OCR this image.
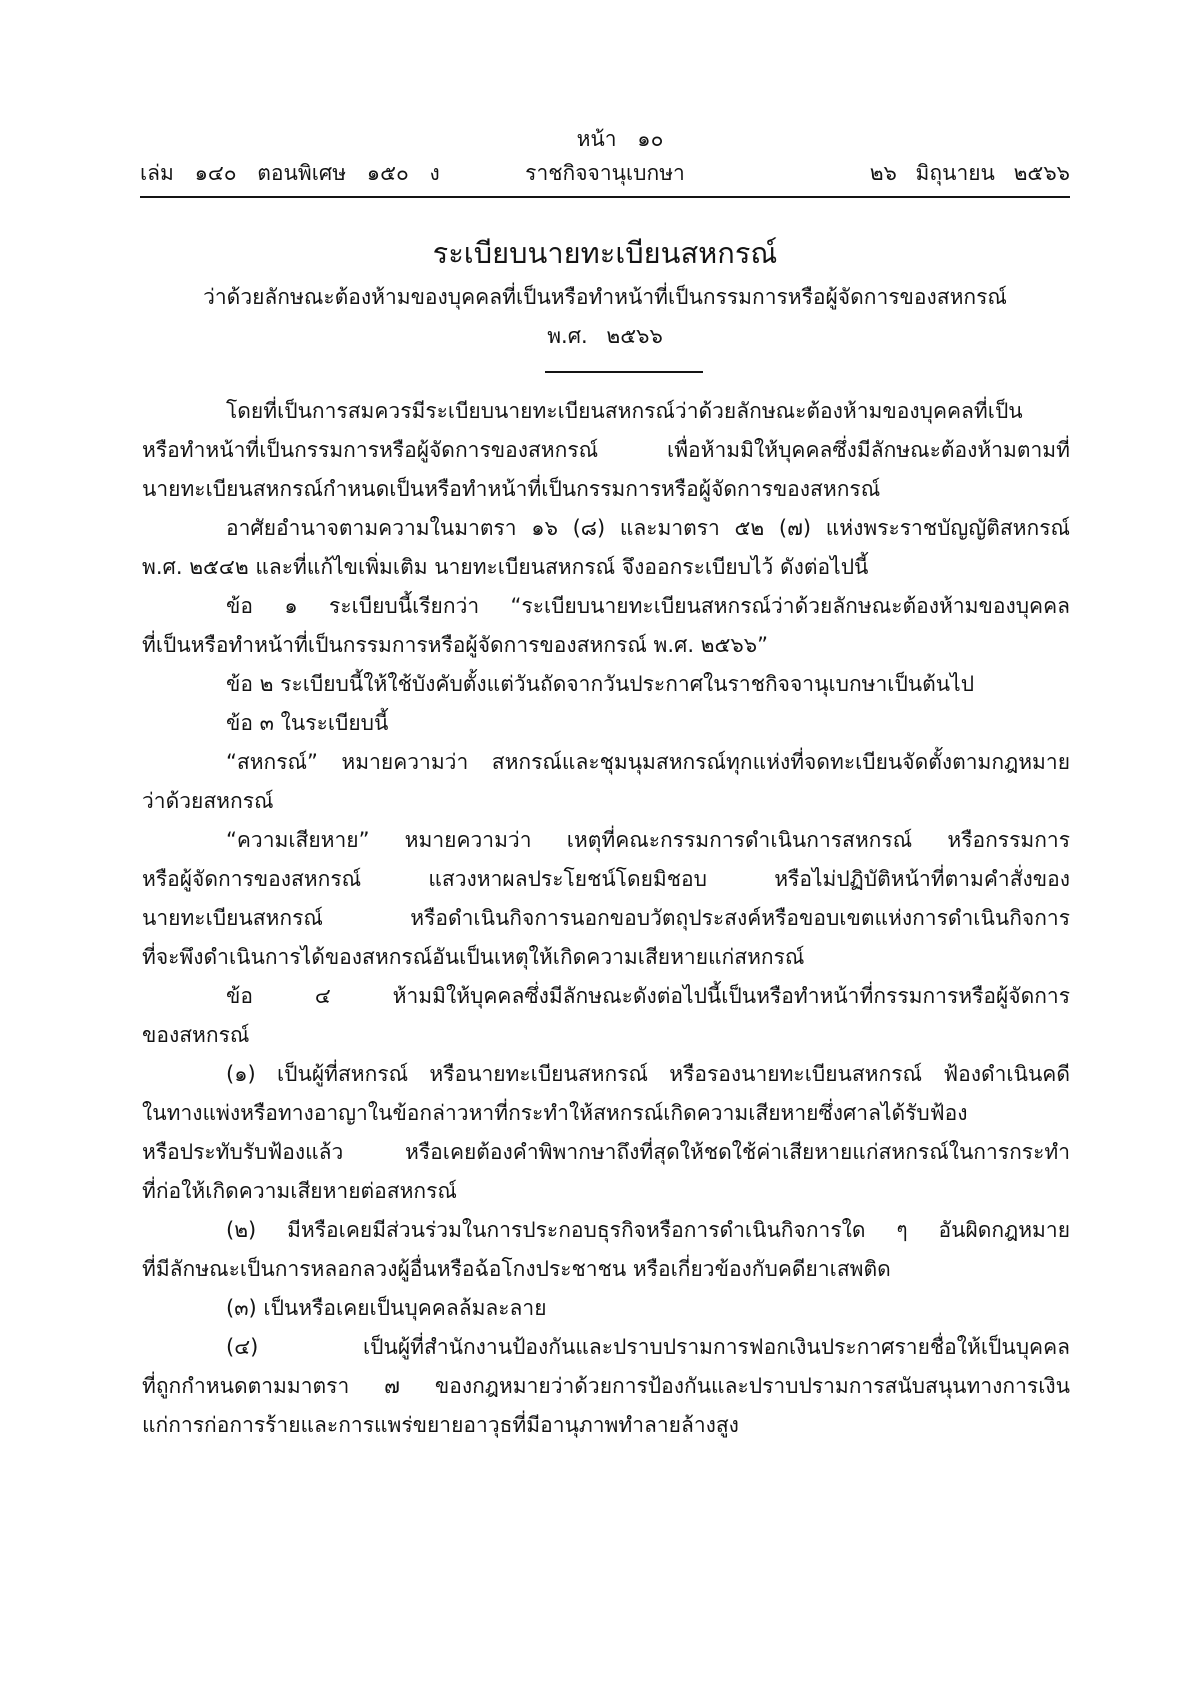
หน้า ๑๐
เล่ม ๑๔๐ ตอนพิเศษ ๑๕๐ ง	ราชกิจจานุเบกษา	๒๖ มิถุนายน ๒๕๖๖
ระเบียบนายทะเบียนสหกรณ์
ว่าด้วยลักษณะต้องห้ามของบุคคลที่เป็นหรือทำหน้าที่เป็นกรรมการหรือผู้จัดการของสหกรณ์
พ.ศ. ๒๕๖๖
โดยที่เป็นการสมควรมีระเบียบนายทะเบียนสหกรณ์ว่าด้วยลักษณะต้องห้ามของบุคคลที่เป็น
หรือทำหน้าที่เป็นกรรมการหรือผู้จัดการของสหกรณ์ เพื่อห้ามมิให้บุคคลซึ่งมีลักษณะต้องห้ามตามที่
นายทะเบียนสหกรณ์กำหนดเป็นหรือทำหน้าที่เป็นกรรมการหรือผู้จัดการของสหกรณ์
อาศัยอำนาจตามความในมาตรา ๑๖ (๘) และมาตรา ๕๒ (๗) แห่งพระราชบัญญัติสหกรณ์
พ.ศ. ๒๕๔๒ และที่แก้ไขเพิ่มเติม นายทะเบียนสหกรณ์ จึงออกระเบียบไว้ ดังต่อไปนี้
ข้อ ๑ ระเบียบนี้เรียกว่า “ระเบียบนายทะเบียนสหกรณ์ว่าด้วยลักษณะต้องห้ามของบุคคล
ที่เป็นหรือทำหน้าที่เป็นกรรมการหรือผู้จัดการของสหกรณ์ พ.ศ. ๒๕๖๖”
ข้อ ๒ ระเบียบนี้ให้ใช้บังคับตั้งแต่วันถัดจากวันประกาศในราชกิจจานุเบกษาเป็นต้นไป
ข้อ ๓ ในระเบียบนี้
“สหกรณ์” หมายความว่า สหกรณ์และชุมนุมสหกรณ์ทุกแห่งที่จดทะเบียนจัดตั้งตามกฎหมาย
ว่าด้วยสหกรณ์
“ความเสียหาย” หมายความว่า เหตุที่คณะกรรมการดำเนินการสหกรณ์ หรือกรรมการ
หรือผู้จัดการของสหกรณ์ แสวงหาผลประโยชน์โดยมิชอบ หรือไม่ปฏิบัติหน้าที่ตามคำสั่งของ
นายทะเบียนสหกรณ์ หรือดำเนินกิจการนอกขอบวัตถุประสงค์หรือขอบเขตแห่งการดำเนินกิจการ
ที่จะพึงดำเนินการได้ของสหกรณ์อันเป็นเหตุให้เกิดความเสียหายแก่สหกรณ์
ข้อ ๔ ห้ามมิให้บุคคลซึ่งมีลักษณะดังต่อไปนี้เป็นหรือทำหน้าที่กรรมการหรือผู้จัดการ
ของสหกรณ์
(๑) เป็นผู้ที่สหกรณ์ หรือนายทะเบียนสหกรณ์ หรือรองนายทะเบียนสหกรณ์ ฟ้องดำเนินคดี
ในทางแพ่งหรือทางอาญาในข้อกล่าวหาที่กระทำให้สหกรณ์เกิดความเสียหายซึ่งศาลได้รับฟ้อง
หรือประทับรับฟ้องแล้ว หรือเคยต้องคำพิพากษาถึงที่สุดให้ชดใช้ค่าเสียหายแก่สหกรณ์ในการกระทำ
ที่ก่อให้เกิดความเสียหายต่อสหกรณ์
(๒) มีหรือเคยมีส่วนร่วมในการประกอบธุรกิจหรือการดำเนินกิจการใด ๆ อันผิดกฎหมาย
ที่มีลักษณะเป็นการหลอกลวงผู้อื่นหรือฉ้อโกงประชาชน หรือเกี่ยวข้องกับคดียาเสพติด
(๓) เป็นหรือเคยเป็นบุคคลล้มละลาย
(๔) เป็นผู้ที่สำนักงานป้องกันและปราบปรามการฟอกเงินประกาศรายชื่อให้เป็นบุคคล
ที่ถูกกำหนดตามมาตรา ๗ ของกฎหมายว่าด้วยการป้องกันและปราบปรามการสนับสนุนทางการเงิน
แก่การก่อการร้ายและการแพร่ขยายอาวุธที่มีอานุภาพทำลายล้างสูง
